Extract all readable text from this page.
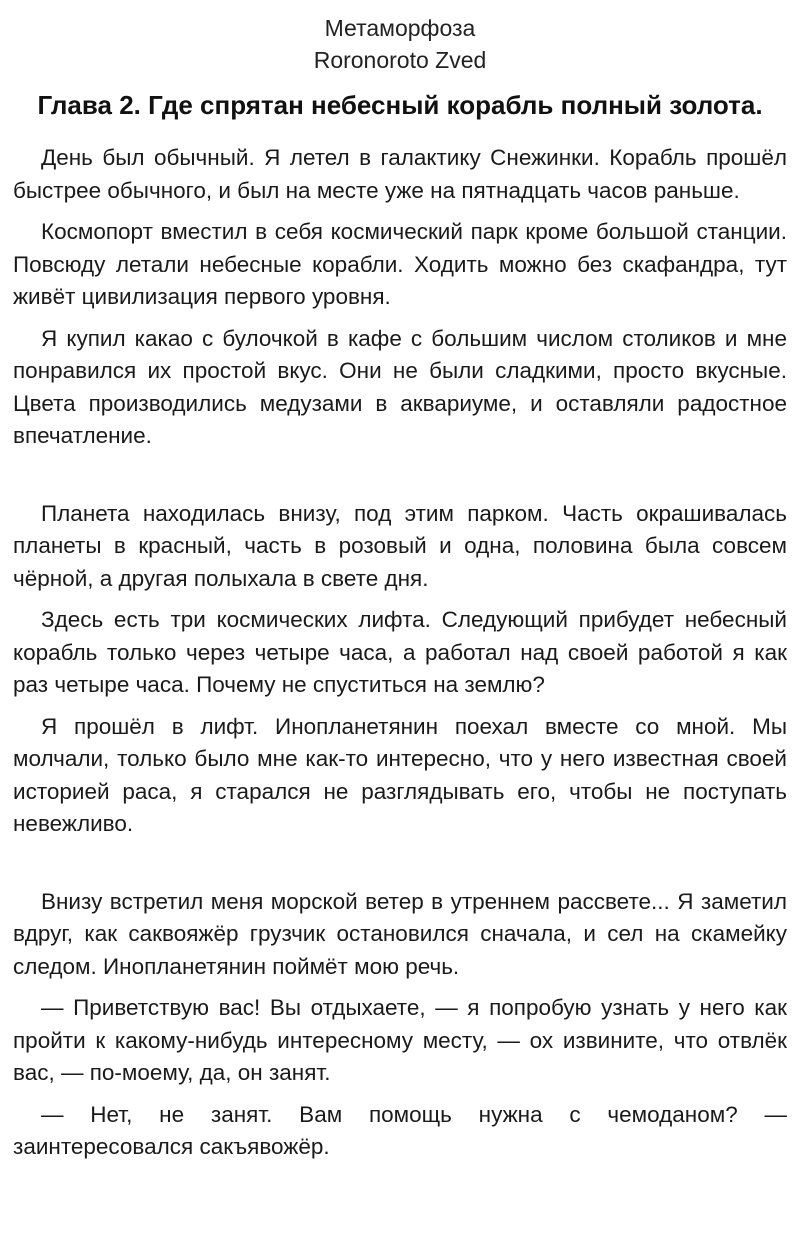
Метаморфоза
Roronoroto Zved
Глава 2. Где спрятан небесный корабль полный золота.

День был обычный. Я летел в галактику Снежинки. Корабль прошёл быстрее обычного, и был на месте уже на пятнадцать часов раньше.

Космопорт вместил в себя космический парк кроме большой станции. Повсюду летали небесные корабли. Ходить можно без скафандра, тут живёт цивилизация первого уровня.

Я купил какао с булочкой в кафе с большим числом столиков и мне понравился их простой вкус. Они не были сладкими, просто вкусные. Цвета производились медузами в аквариуме, и оставляли радостное впечатление.

Планета находилась внизу, под этим парком. Часть окрашивалась планеты в красный, часть в розовый и одна, половина была совсем чёрной, а другая полыхала в свете дня.

Здесь есть три космических лифта. Следующий прибудет небесный корабль только через четыре часа, а работал над своей работой я как раз четыре часа. Почему не спуститься на землю?

Я прошёл в лифт. Инопланетянин поехал вместе со мной. Мы молчали, только было мне как-то интересно, что у него известная своей историей раса, я старался не разглядывать его, чтобы не поступать невежливо.

Внизу встретил меня морской ветер в утреннем рассвете... Я заметил вдруг, как саквояжёр грузчик остановился сначала, и сел на скамейку следом. Инопланетянин поймёт мою речь.

— Приветствую вас! Вы отдыхаете, — я попробую узнать у него как пройти к какому-нибудь интересному месту, — ох извините, что отвлёк вас, — по-моему, да, он занят.

— Нет, не занят. Вам помощь нужна с чемоданом? — заинтересовался сакъявожёр.
